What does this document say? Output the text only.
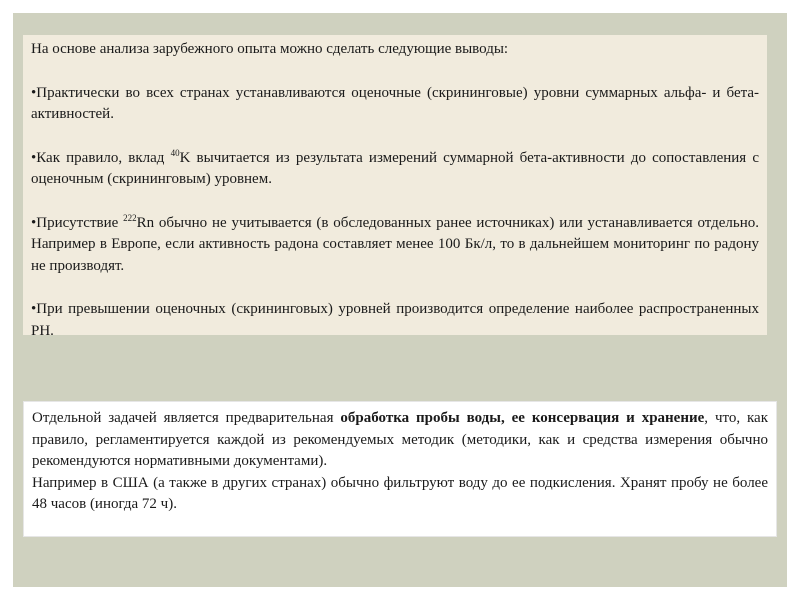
На основе анализа зарубежного опыта можно сделать следующие выводы:

•Практически во всех странах устанавливаются оценочные (скрининговые) уровни суммарных альфа- и бета-активностей.

•Как правило, вклад $^{40}$K вычитается из результата измерений суммарной бета-активности до сопоставления с оценочным (скрининговым) уровнем.

•Присутствие $^{222}$Rn обычно не учитывается (в обследованных ранее источниках) или устанавливается отдельно. Например в Европе, если активность радона составляет менее 100 Бк/л, то в дальнейшем мониторинг по радону не производят.

•При превышении оценочных (скрининговых) уровней производится определение наиболее распространенных РН.

Отдельной задачей является предварительная обработка пробы воды, ее консервация и хранение, что, как правило, регламентируется каждой из рекомендуемых методик (методики, как и средства измерения обычно рекомендуются нормативными документами).

Например в США (а также в других странах) обычно фильтруют воду до ее подкисления. Хранят пробу не более 48 часов (иногда 72 ч).
